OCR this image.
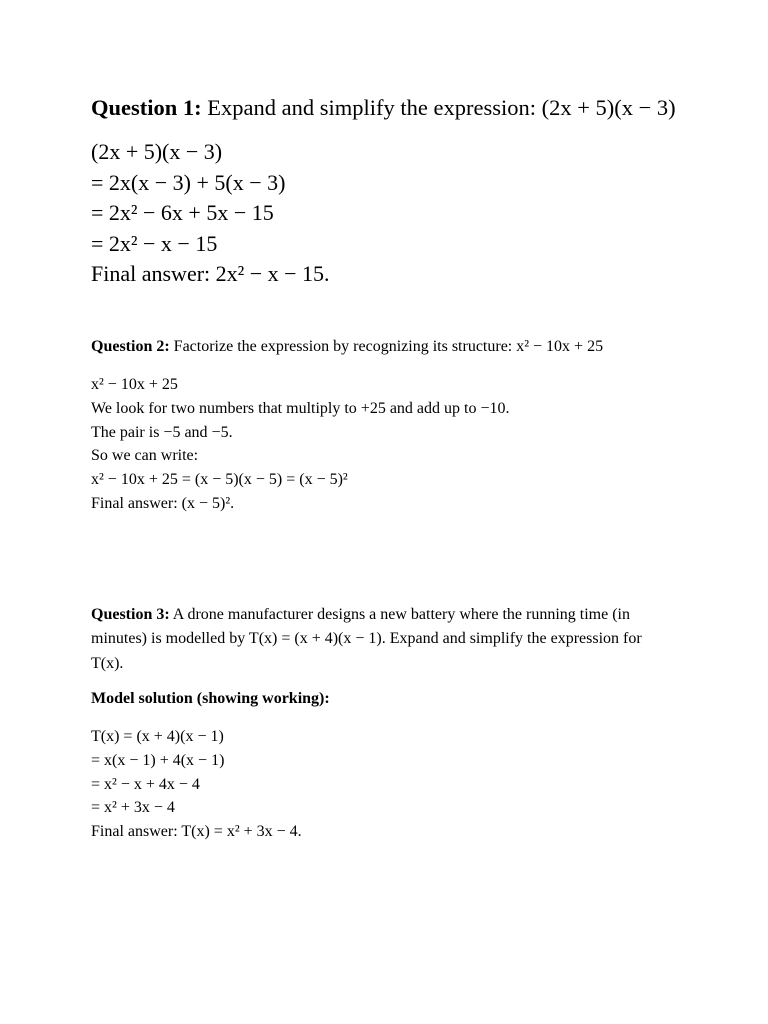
Question 1: Expand and simplify the expression: (2x + 5)(x − 3)
(2x + 5)(x − 3)
= 2x(x − 3) + 5(x − 3)
= 2x² − 6x + 5x − 15
= 2x² − x − 15
Final answer: 2x² − x − 15.
Question 2: Factorize the expression by recognizing its structure: x² − 10x + 25
x² − 10x + 25
We look for two numbers that multiply to +25 and add up to −10.
The pair is −5 and −5.
So we can write:
x² − 10x + 25 = (x − 5)(x − 5) = (x − 5)²
Final answer: (x − 5)².
Question 3: A drone manufacturer designs a new battery where the running time (in minutes) is modelled by T(x) = (x + 4)(x − 1). Expand and simplify the expression for T(x).
Model solution (showing working):
T(x) = (x + 4)(x − 1)
= x(x − 1) + 4(x − 1)
= x² − x + 4x − 4
= x² + 3x − 4
Final answer: T(x) = x² + 3x − 4.
